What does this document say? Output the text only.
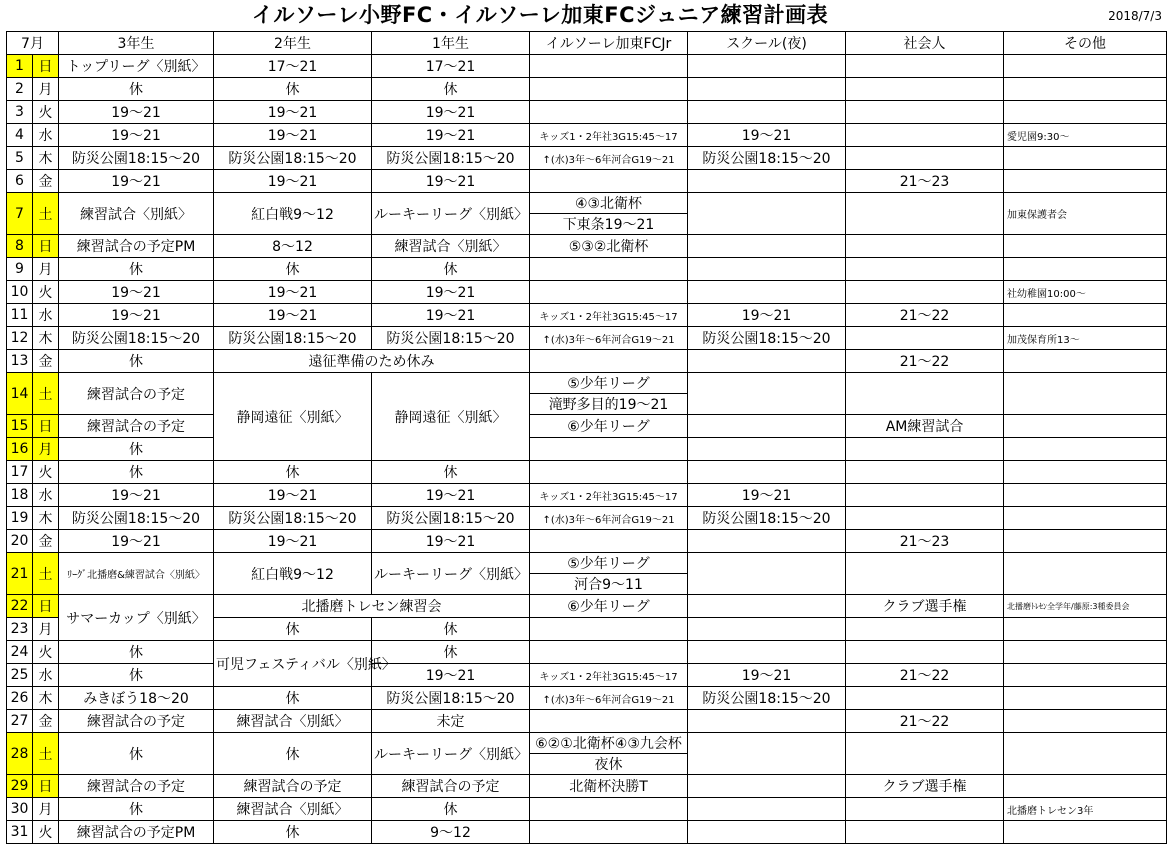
イルソーレ小野FC・イルソーレ加東FCジュニア練習計画表	2018/7/3
7月		3年生	2年生	1年生	イルソーレ加東FCJr	スクール(夜)	社会人	その他
1	日	トップリーグ〈別紙〉	17～21	17～21				
2	月	休	休	休				
3	火	19～21	19～21	19～21				
4	水	19～21	19～21	19～21	キッズ1・2年社3G15:45～17	19～21		愛児園9:30～
5	木	防災公園18:15～20	防災公園18:15～20	防災公園18:15～20	↑(水)3年～6年河合G19～21	防災公園18:15～20		
6	金	19～21	19～21	19～21			21～23	
7	土	練習試合〈別紙〉	紅白戦9～12	ルーキーリーグ〈別紙〉	④③北衛杯			加東保護者会
					下東条19～21			
8	日	練習試合の予定PM	8～12	練習試合〈別紙〉	⑤③②北衛杯			
9	月	休	休	休				
10	火	19～21	19～21	19～21				社幼稚園10:00～
11	水	19～21	19～21	19～21	キッズ1・2年社3G15:45～17	19～21	21～22	
12	木	防災公園18:15～20	防災公園18:15～20	防災公園18:15～20	↑(水)3年～6年河合G19～21	防災公園18:15～20		加茂保育所13～
13	金	休	遠征準備のため休み				21～22	
14	土	練習試合の予定	静岡遠征〈別紙〉	静岡遠征〈別紙〉	⑤少年リーグ			
					滝野多目的19～21			
15	日	練習試合の予定			⑥少年リーグ		AM練習試合	
16	月	休						
17	火	休	休	休				
18	水	19～21	19～21	19～21	キッズ1・2年社3G15:45～17	19～21		
19	木	防災公園18:15～20	防災公園18:15～20	防災公園18:15～20	↑(水)3年～6年河合G19～21	防災公園18:15～20		
20	金	19～21	19～21	19～21			21～23	
21	土	ﾘｰｸﾞ北播磨&練習試合〈別紙〉	紅白戦9～12	ルーキーリーグ〈別紙〉	⑤少年リーグ			
					河合9～11			
22	日	サマーカップ〈別紙〉	北播磨トレセン練習会		⑥少年リーグ		クラブ選手権	北播磨ﾄﾚｾﾝ全学年/藤原:3種委員会
23	月		休	休				
24	火	休	可児フェスティバル〈別紙〉	休				
25	水	休		19～21	キッズ1・2年社3G15:45～17	19～21	21～22	
26	木	みきぼう18～20	休	防災公園18:15～20	↑(水)3年～6年河合G19～21	防災公園18:15～20		
27	金	練習試合の予定	練習試合〈別紙〉	未定			21～22	
28	土	休	休	ルーキーリーグ〈別紙〉	⑥②①北衛杯④③九会杯			
					夜休			
29	日	練習試合の予定	練習試合の予定	練習試合の予定	北衛杯決勝T		クラブ選手権	
30	月	休	練習試合〈別紙〉	休				北播磨トレセン3年
31	火	練習試合の予定PM	休	9～12				
